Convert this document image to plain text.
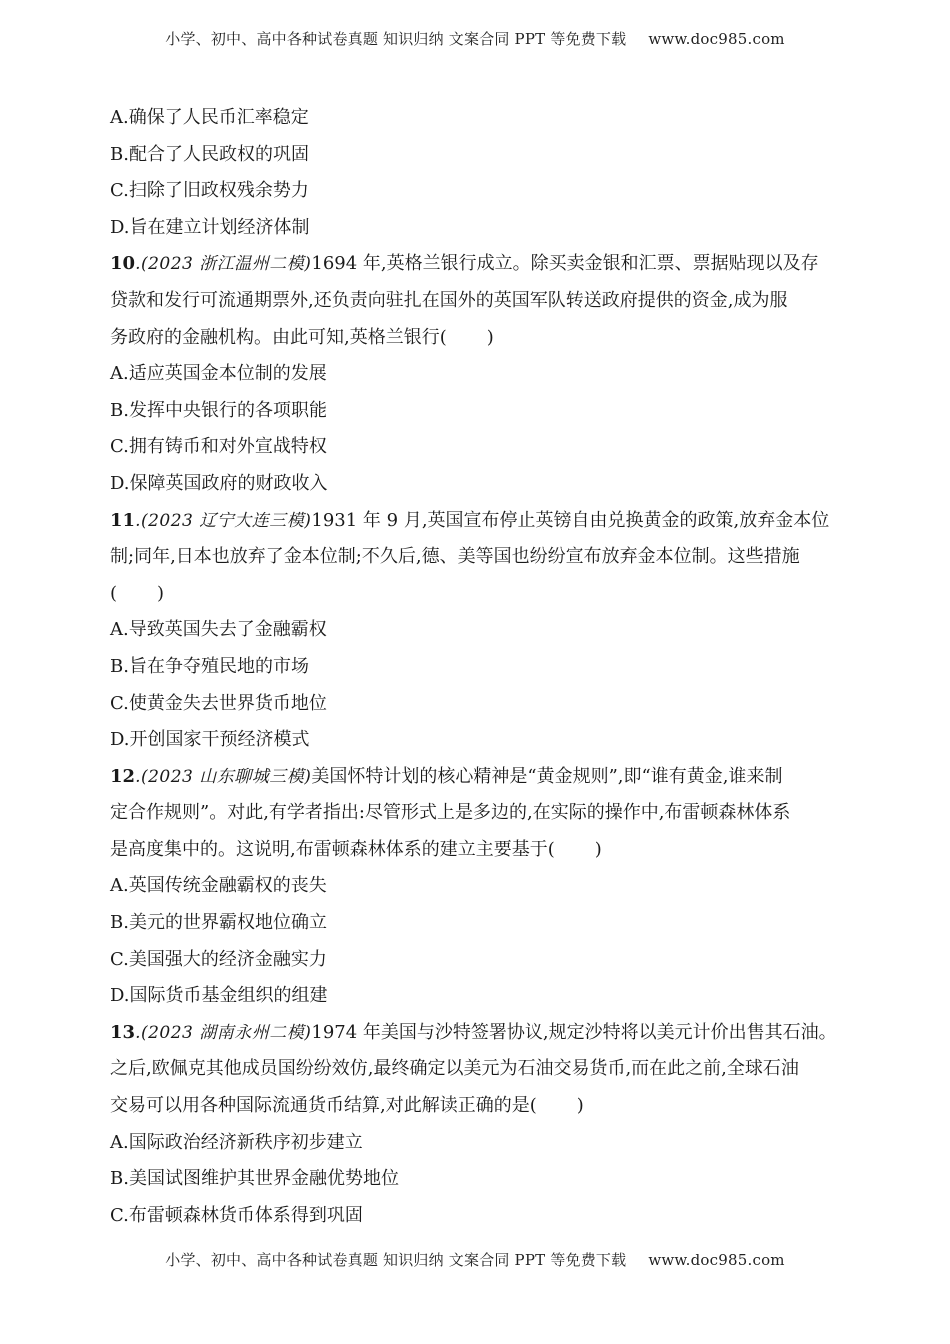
小学、初中、高中各种试卷真题 知识归纳 文案合同 PPT 等免费下载 www.doc985.com
A.确保了人民币汇率稳定
B.配合了人民政权的巩固
C.扫除了旧政权残余势力
D.旨在建立计划经济体制
10.(2023 浙江温州二模)1694 年,英格兰银行成立。除买卖金银和汇票、票据贴现以及存
贷款和发行可流通期票外,还负责向驻扎在国外的英国军队转送政府提供的资金,成为服
务政府的金融机构。由此可知,英格兰银行( )
A.适应英国金本位制的发展
B.发挥中央银行的各项职能
C.拥有铸币和对外宣战特权
D.保障英国政府的财政收入
11.(2023 辽宁大连三模)1931 年 9 月,英国宣布停止英镑自由兑换黄金的政策,放弃金本位
制;同年,日本也放弃了金本位制;不久后,德、美等国也纷纷宣布放弃金本位制。这些措施
( )
A.导致英国失去了金融霸权
B.旨在争夺殖民地的市场
C.使黄金失去世界货币地位
D.开创国家干预经济模式
12.(2023 山东聊城三模)美国怀特计划的核心精神是“黄金规则”,即“谁有黄金,谁来制
定合作规则”。对此,有学者指出:尽管形式上是多边的,在实际的操作中,布雷顿森林体系
是高度集中的。这说明,布雷顿森林体系的建立主要基于( )
A.英国传统金融霸权的丧失
B.美元的世界霸权地位确立
C.美国强大的经济金融实力
D.国际货币基金组织的组建
13.(2023 湖南永州二模)1974 年美国与沙特签署协议,规定沙特将以美元计价出售其石油。
之后,欧佩克其他成员国纷纷效仿,最终确定以美元为石油交易货币,而在此之前,全球石油
交易可以用各种国际流通货币结算,对此解读正确的是( )
A.国际政治经济新秩序初步建立
B.美国试图维护其世界金融优势地位
C.布雷顿森林货币体系得到巩固
小学、初中、高中各种试卷真题 知识归纳 文案合同 PPT 等免费下载 www.doc985.com
